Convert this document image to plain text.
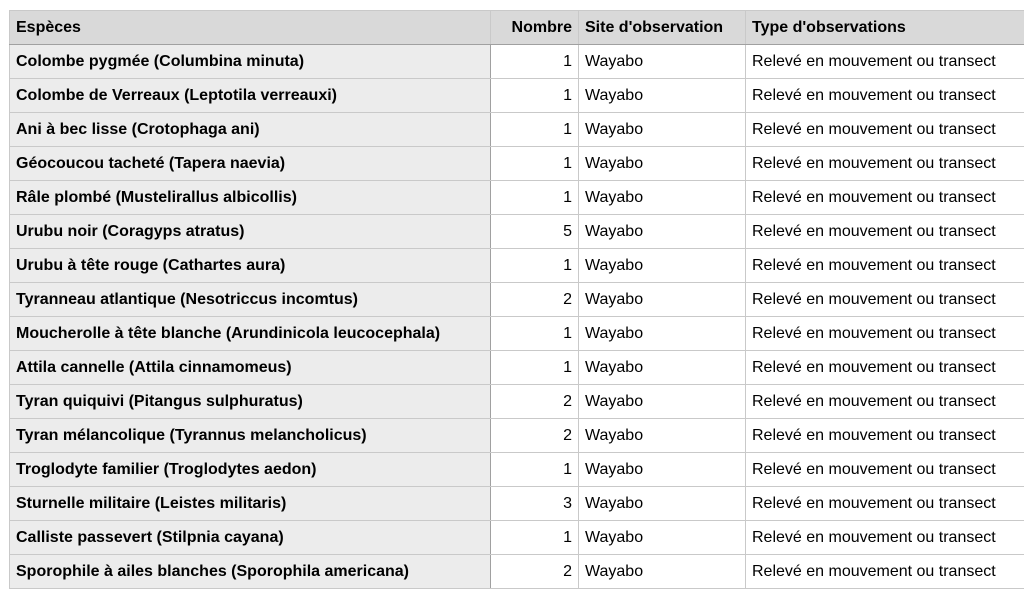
Espèces	Nombre	Site d'observation	Type d'observations
Colombe pygmée (Columbina minuta)	1	Wayabo	Relevé en mouvement ou transect
Colombe de Verreaux (Leptotila verreauxi)	1	Wayabo	Relevé en mouvement ou transect
Ani à bec lisse (Crotophaga ani)	1	Wayabo	Relevé en mouvement ou transect
Géocoucou tacheté (Tapera naevia)	1	Wayabo	Relevé en mouvement ou transect
Râle plombé (Mustelirallus albicollis)	1	Wayabo	Relevé en mouvement ou transect
Urubu noir (Coragyps atratus)	5	Wayabo	Relevé en mouvement ou transect
Urubu à tête rouge (Cathartes aura)	1	Wayabo	Relevé en mouvement ou transect
Tyranneau atlantique (Nesotriccus incomtus)	2	Wayabo	Relevé en mouvement ou transect
Moucherolle à tête blanche (Arundinicola leucocephala)	1	Wayabo	Relevé en mouvement ou transect
Attila cannelle (Attila cinnamomeus)	1	Wayabo	Relevé en mouvement ou transect
Tyran quiquivi (Pitangus sulphuratus)	2	Wayabo	Relevé en mouvement ou transect
Tyran mélancolique (Tyrannus melancholicus)	2	Wayabo	Relevé en mouvement ou transect
Troglodyte familier (Troglodytes aedon)	1	Wayabo	Relevé en mouvement ou transect
Sturnelle militaire (Leistes militaris)	3	Wayabo	Relevé en mouvement ou transect
Calliste passevert (Stilpnia cayana)	1	Wayabo	Relevé en mouvement ou transect
Sporophile à ailes blanches (Sporophila americana)	2	Wayabo	Relevé en mouvement ou transect
